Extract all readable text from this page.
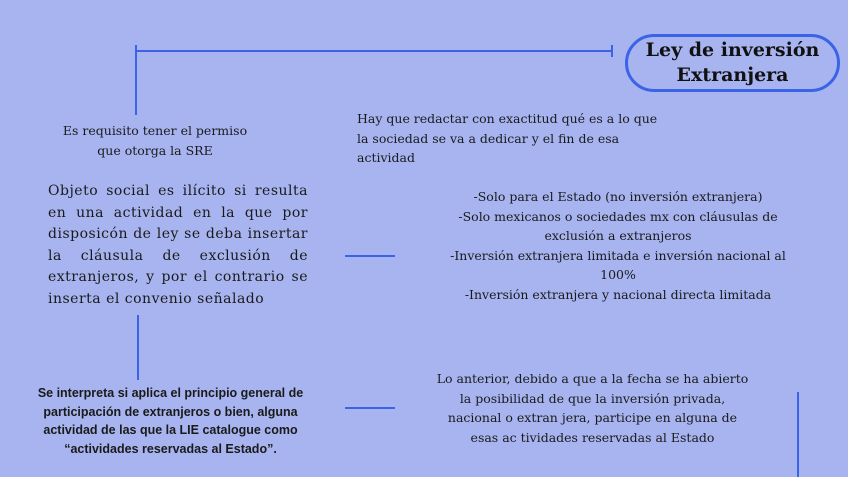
Ley de inversión
Extranjera
Es requisito tener el permiso
que otorga la SRE
Hay que redactar con exactitud qué es a lo que
la sociedad se va a dedicar y el fin de esa
actividad

Objeto social es ilícito si resulta en una actividad en la que por disposicón de ley se deba insertar la cláusula de exclusión de extranjeros, y por el contrario se inserta el convenio señalado

-Solo para el Estado (no inversión extranjera)
-Solo mexicanos o sociedades mx con cláusulas de
exclusión a extranjeros
-Inversión extranjera limitada e inversión nacional al
100%
-Inversión extranjera y nacional directa limitada
Se interpreta si aplica el principio general de
participación de extranjeros o bien, alguna
actividad de las que la LIE catalogue como
“actividades reservadas al Estado”.
Lo anterior, debido a que a la fecha se ha abierto
la posibilidad de que la inversión privada,
nacional o extran jera, participe en alguna de
esas ac tividades reservadas al Estado
